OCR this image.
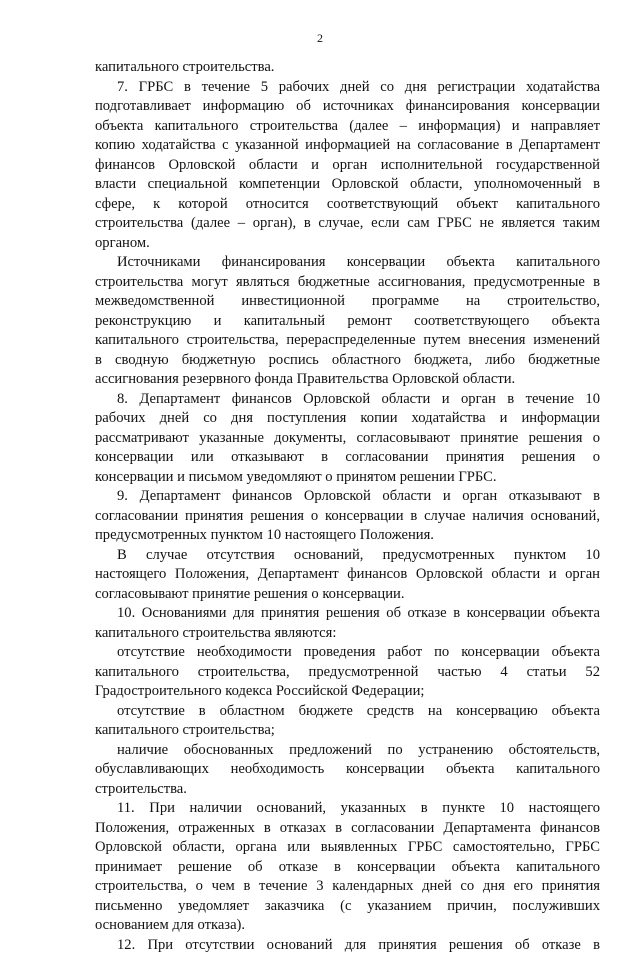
2
капитального строительства.
7. ГРБС в течение 5 рабочих дней со дня регистрации ходатайства
подготавливает информацию об источниках финансирования консервации
объекта капитального строительства (далее – информация) и направляет
копию ходатайства с указанной информацией на согласование в Департамент
финансов Орловской области и орган исполнительной государственной
власти специальной компетенции Орловской области, уполномоченный в
сфере, к которой относится соответствующий объект капитального
строительства (далее – орган), в случае, если сам ГРБС не является таким
органом.
Источниками финансирования консервации объекта капитального
строительства могут являться бюджетные ассигнования, предусмотренные в
межведомственной инвестиционной программе на строительство,
реконструкцию и капитальный ремонт соответствующего объекта
капитального строительства, перераспределенные путем внесения изменений
в сводную бюджетную роспись областного бюджета, либо бюджетные
ассигнования резервного фонда Правительства Орловской области.
8. Департамент финансов Орловской области и орган в течение 10
рабочих дней со дня поступления копии ходатайства и информации
рассматривают указанные документы, согласовывают принятие решения о
консервации или отказывают в согласовании принятия решения о
консервации и письмом уведомляют о принятом решении ГРБС.
9. Департамент финансов Орловской области и орган отказывают в
согласовании принятия решения о консервации в случае наличия оснований,
предусмотренных пунктом 10 настоящего Положения.
В случае отсутствия оснований, предусмотренных пунктом 10
настоящего Положения, Департамент финансов Орловской области и орган
согласовывают принятие решения о консервации.
10. Основаниями для принятия решения об отказе в консервации объекта
капитального строительства являются:
отсутствие необходимости проведения работ по консервации объекта
капитального строительства, предусмотренной частью 4 статьи 52
Градостроительного кодекса Российской Федерации;
отсутствие в областном бюджете средств на консервацию объекта
капитального строительства;
наличие обоснованных предложений по устранению обстоятельств,
обуславливающих необходимость консервации объекта капитального
строительства.
11. При наличии оснований, указанных в пункте 10 настоящего
Положения, отраженных в отказах в согласовании Департамента финансов
Орловской области, органа или выявленных ГРБС самостоятельно, ГРБС
принимает решение об отказе в консервации объекта капитального
строительства, о чем в течение 3 календарных дней со дня его принятия
письменно уведомляет заказчика (с указанием причин, послуживших
основанием для отказа).
12. При отсутствии оснований для принятия решения об отказе в
